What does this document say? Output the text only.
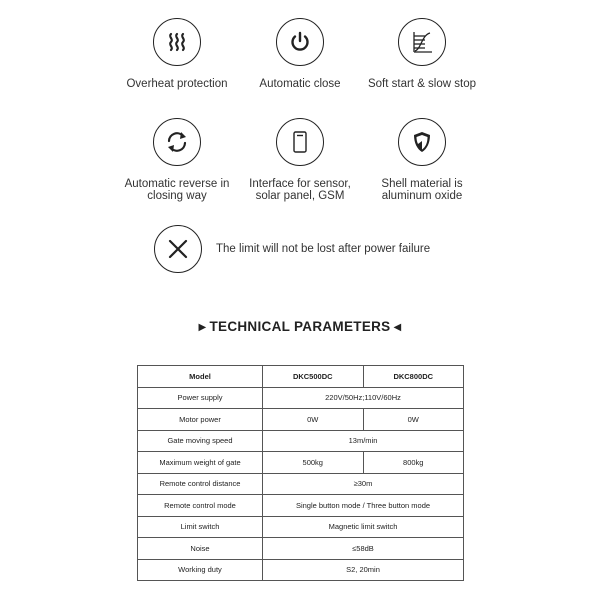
Overheat protection	Automatic close	Soft start & slow stop
Automatic reverse in
closing way
Interface for sensor,
solar panel, GSM
Shell material is
aluminum oxide
The limit will not be lost after power failure
▶ TECHNICAL PARAMETERS ◀
Model	DKC500DC	DKC800DC
Power supply	220V/50Hz;110V/60Hz	
Motor power	0W	0W
Gate moving speed	13m/min	
Maximum weight of gate	500kg	800kg
Remote control distance	≥30m	
Remote control mode	Single button mode / Three button mode	
Limit switch	Magnetic limit switch	
Noise	≤58dB	
Working duty	S2, 20min	
